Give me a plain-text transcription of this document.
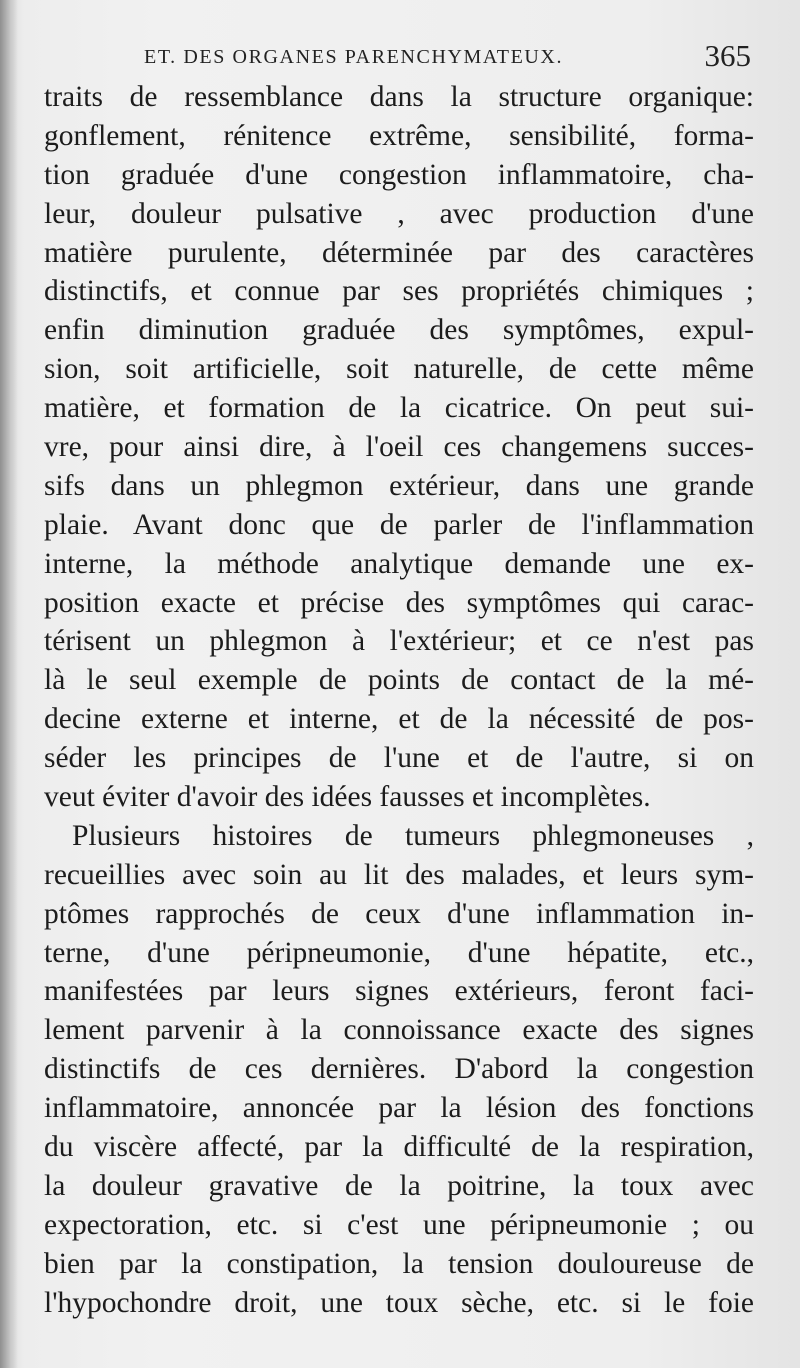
ET. DES ORGANES PARENCHYMATEUX.	365
traits de ressemblance dans la structure organique:
gonflement, rénitence extrême, sensibilité, forma-
tion graduée d'une congestion inflammatoire, cha-
leur, douleur pulsative , avec production d'une
matière purulente, déterminée par des caractères
distinctifs, et connue par ses propriétés chimiques ;
enfin diminution graduée des symptômes, expul-
sion, soit artificielle, soit naturelle, de cette même
matière, et formation de la cicatrice. On peut sui-
vre, pour ainsi dire, à l'oeil ces changemens succes-
sifs dans un phlegmon extérieur, dans une grande
plaie. Avant donc que de parler de l'inflammation
interne, la méthode analytique demande une ex-
position exacte et précise des symptômes qui carac-
térisent un phlegmon à l'extérieur; et ce n'est pas
là le seul exemple de points de contact de la mé-
decine externe et interne, et de la nécessité de pos-
séder les principes de l'une et de l'autre, si on
veut éviter d'avoir des idées fausses et incomplètes.
Plusieurs histoires de tumeurs phlegmoneuses ,
recueillies avec soin au lit des malades, et leurs sym-
ptômes rapprochés de ceux d'une inflammation in-
terne, d'une péripneumonie, d'une hépatite, etc.,
manifestées par leurs signes extérieurs, feront faci-
lement parvenir à la connoissance exacte des signes
distinctifs de ces dernières. D'abord la congestion
inflammatoire, annoncée par la lésion des fonctions
du viscère affecté, par la difficulté de la respiration,
la douleur gravative de la poitrine, la toux avec
expectoration, etc. si c'est une péripneumonie ; ou
bien par la constipation, la tension douloureuse de
l'hypochondre droit, une toux sèche, etc. si le foie
